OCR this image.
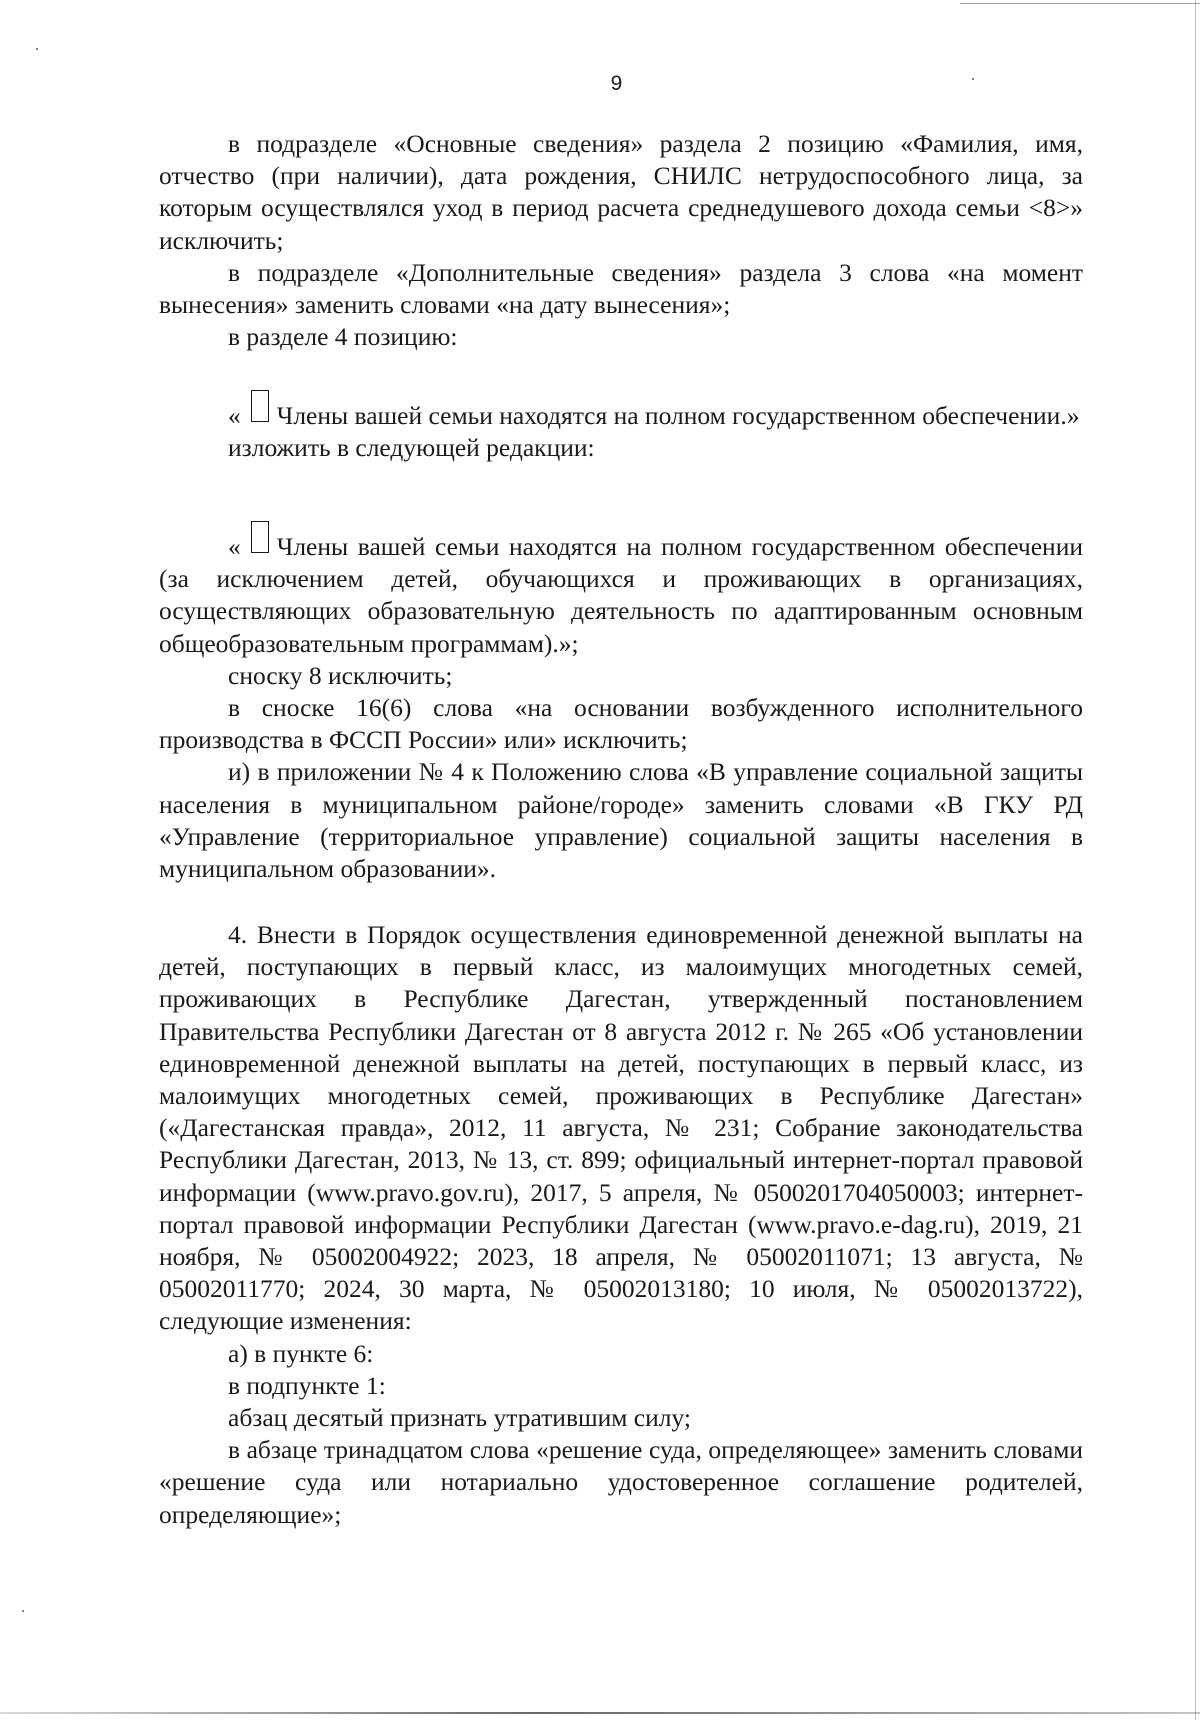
9

в подразделе «Основные сведения» раздела 2 позицию «Фамилия, имя, отчество (при наличии), дата рождения, СНИЛС нетрудоспособного лица, за которым осуществлялся уход в период расчета среднедушевого дохода семьи <8>» исключить;

в подразделе «Дополнительные сведения» раздела 3 слова «на момент вынесения» заменить словами «на дату вынесения»;

в разделе 4 позицию:

« Члены вашей семьи находятся на полном государственном обеспечении.»

изложить в следующей редакции:

« Члены вашей семьи находятся на полном государственном обеспечении (за исключением детей, обучающихся и проживающих в организациях, осуществляющих образовательную деятельность по адаптированным основным общеобразовательным программам).»;

сноску 8 исключить;

в сноске 16(6) слова «на основании возбужденного исполнительного производства в ФССП России» или» исключить;

и) в приложении № 4 к Положению слова «В управление социальной защиты населения в муниципальном районе/городе» заменить словами «В ГКУ РД «Управление (территориальное управление) социальной защиты населения в муниципальном образовании».

4. Внести в Порядок осуществления единовременной денежной выплаты на детей, поступающих в первый класс, из малоимущих многодетных семей, проживающих в Республике Дагестан, утвержденный постановлением Правительства Республики Дагестан от 8 августа 2012 г. № 265 «Об установлении единовременной денежной выплаты на детей, поступающих в первый класс, из малоимущих многодетных семей, проживающих в Республике Дагестан» («Дагестанская правда», 2012, 11 августа, № 231; Собрание законодательства Республики Дагестан, 2013, № 13, ст. 899; официальный интернет-портал правовой информации (www.pravo.gov.ru), 2017, 5 апреля, № 0500201704050003; интернет-портал правовой информации Республики Дагестан (www.pravo.e-dag.ru), 2019, 21 ноября, № 05002004922; 2023, 18 апреля, № 05002011071; 13 августа, № 05002011770; 2024, 30 марта, № 05002013180; 10 июля, № 05002013722), следующие изменения:

а) в пункте 6:

в подпункте 1:

абзац десятый признать утратившим силу;

в абзаце тринадцатом слова «решение суда, определяющее» заменить словами «решение суда или нотариально удостоверенное соглашение родителей, определяющие»;
